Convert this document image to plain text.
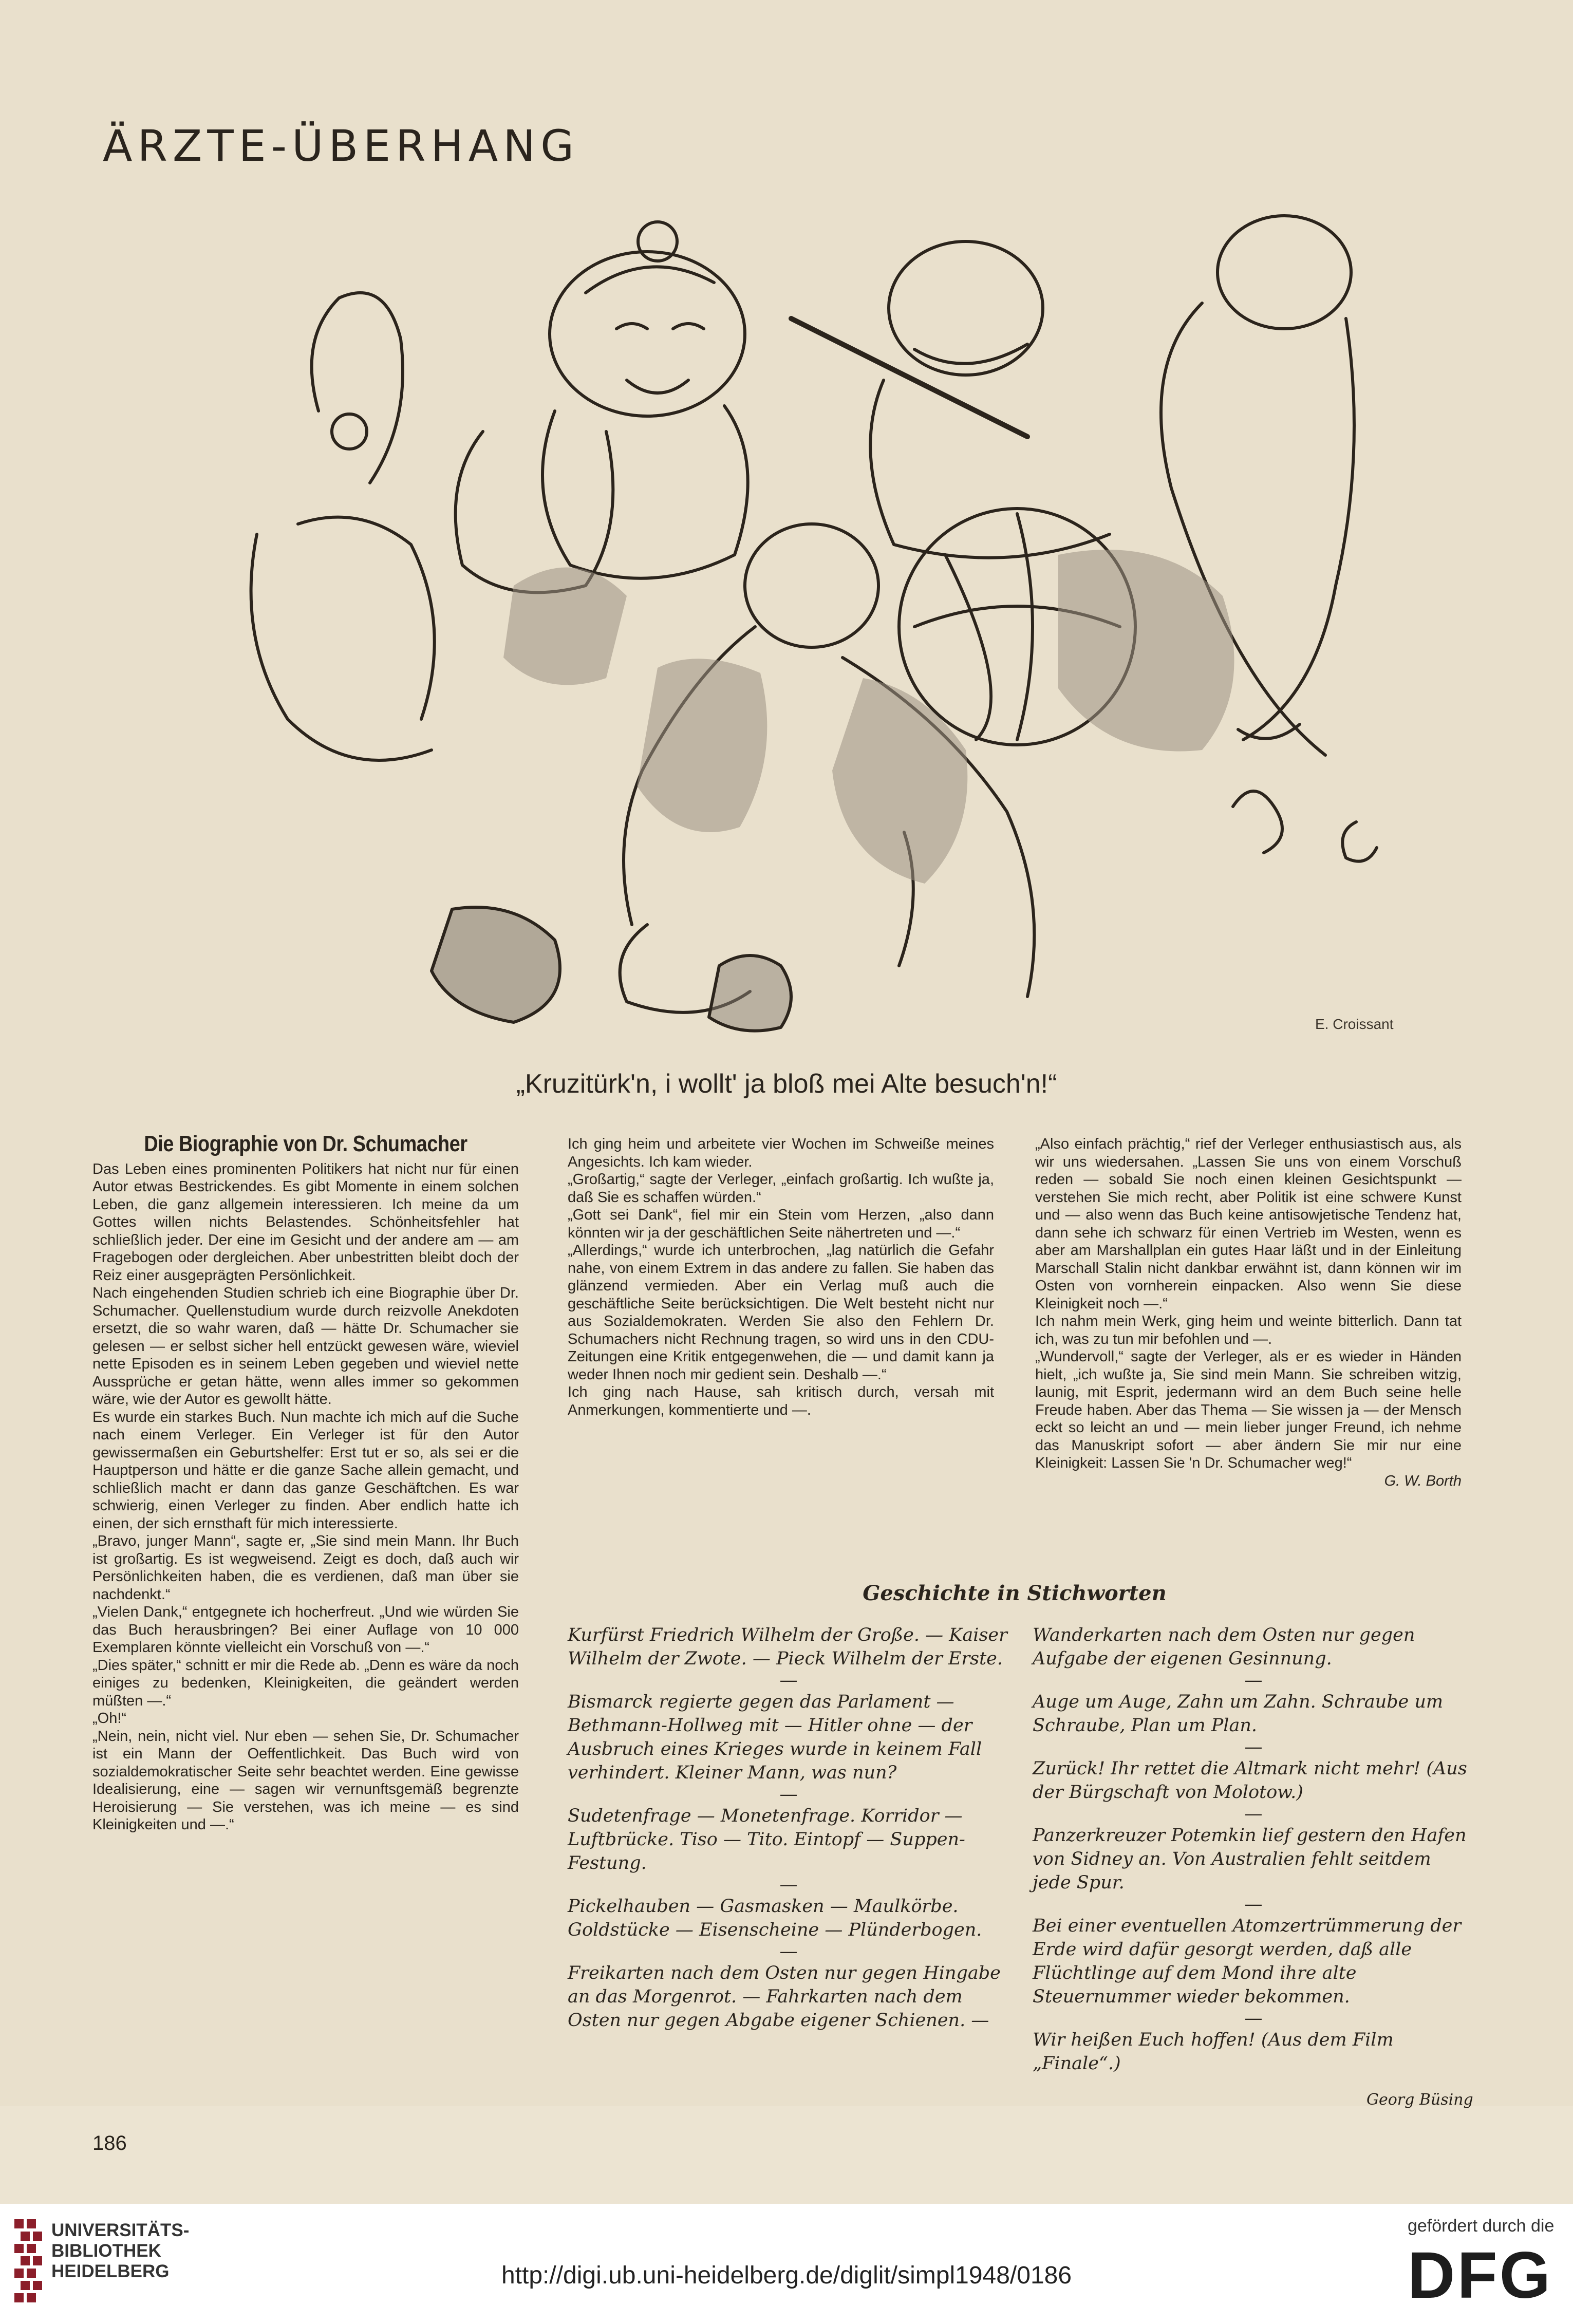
ÄRZTE-ÜBERHANG
E. Croissant
„Kruzitürk'n, i wollt' ja bloß mei Alte besuch'n!“
Die Biographie von Dr. Schumacher

Das Leben eines prominenten Politikers hat nicht nur für einen Autor etwas Bestrickendes. Es gibt Momente in einem solchen Leben, die ganz allgemein interessieren. Ich meine da um Gottes willen nichts Belastendes. Schönheitsfehler hat schließlich jeder. Der eine im Gesicht und der andere am — am Fragebogen oder dergleichen. Aber unbestritten bleibt doch der Reiz einer ausgeprägten Persönlichkeit.

Nach eingehenden Studien schrieb ich eine Biographie über Dr. Schumacher. Quellenstudium wurde durch reizvolle Anekdoten ersetzt, die so wahr waren, daß — hätte Dr. Schumacher sie gelesen — er selbst sicher hell entzückt gewesen wäre, wieviel nette Episoden es in seinem Leben gegeben und wieviel nette Aussprüche er getan hätte, wenn alles immer so gekommen wäre, wie der Autor es gewollt hätte.

Es wurde ein starkes Buch. Nun machte ich mich auf die Suche nach einem Verleger. Ein Verleger ist für den Autor gewissermaßen ein Geburtshelfer: Erst tut er so, als sei er die Hauptperson und hätte er die ganze Sache allein gemacht, und schließlich macht er dann das ganze Geschäftchen. Es war schwierig, einen Verleger zu finden. Aber endlich hatte ich einen, der sich ernsthaft für mich interessierte.

„Bravo, junger Mann“, sagte er, „Sie sind mein Mann. Ihr Buch ist großartig. Es ist wegweisend. Zeigt es doch, daß auch wir Persönlichkeiten haben, die es verdienen, daß man über sie nachdenkt.“

„Vielen Dank,“ entgegnete ich hocherfreut. „Und wie würden Sie das Buch herausbringen? Bei einer Auflage von 10 000 Exemplaren könnte vielleicht ein Vorschuß von —.“

„Dies später,“ schnitt er mir die Rede ab. „Denn es wäre da noch einiges zu bedenken, Kleinigkeiten, die geändert werden müßten —.“

„Oh!“

„Nein, nein, nicht viel. Nur eben — sehen Sie, Dr. Schumacher ist ein Mann der Oeffentlichkeit. Das Buch wird von sozialdemokratischer Seite sehr beachtet werden. Eine gewisse Idealisierung, eine — sagen wir vernunftsgemäß begrenzte Heroisierung — Sie verstehen, was ich meine — es sind Kleinigkeiten und —.“

Ich ging heim und arbeitete vier Wochen im Schweiße meines Angesichts. Ich kam wieder.

„Großartig,“ sagte der Verleger, „einfach großartig. Ich wußte ja, daß Sie es schaffen würden.“

„Gott sei Dank“, fiel mir ein Stein vom Herzen, „also dann könnten wir ja der geschäftlichen Seite nähertreten und —.“

„Allerdings,“ wurde ich unterbrochen, „lag natürlich die Gefahr nahe, von einem Extrem in das andere zu fallen. Sie haben das glänzend vermieden. Aber ein Verlag muß auch die geschäftliche Seite berücksichtigen. Die Welt besteht nicht nur aus Sozialdemokraten. Werden Sie also den Fehlern Dr. Schumachers nicht Rechnung tragen, so wird uns in den CDU-Zeitungen eine Kritik entgegenwehen, die — und damit kann ja weder Ihnen noch mir gedient sein. Deshalb —.“

Ich ging nach Hause, sah kritisch durch, versah mit Anmerkungen, kommentierte und —.

„Also einfach prächtig,“ rief der Verleger enthusiastisch aus, als wir uns wiedersahen. „Lassen Sie uns von einem Vorschuß reden — sobald Sie noch einen kleinen Gesichtspunkt — verstehen Sie mich recht, aber Politik ist eine schwere Kunst und — also wenn das Buch keine antisowjetische Tendenz hat, dann sehe ich schwarz für einen Vertrieb im Westen, wenn es aber am Marshallplan ein gutes Haar läßt und in der Einleitung Marschall Stalin nicht dankbar erwähnt ist, dann können wir im Osten von vornherein einpacken. Also wenn Sie diese Kleinigkeit noch —.“

Ich nahm mein Werk, ging heim und weinte bitterlich. Dann tat ich, was zu tun mir befohlen und —.

„Wundervoll,“ sagte der Verleger, als er es wieder in Händen hielt, „ich wußte ja, Sie sind mein Mann. Sie schreiben witzig, launig, mit Esprit, jedermann wird an dem Buch seine helle Freude haben. Aber das Thema — Sie wissen ja — der Mensch eckt so leicht an und — mein lieber junger Freund, ich nehme das Manuskript sofort — aber ändern Sie mir nur eine Kleinigkeit: Lassen Sie 'n Dr. Schumacher weg!“

G. W. Borth

Geschichte in Stichworten

Kurfürst Friedrich Wilhelm der Große. — Kaiser Wilhelm der Zwote. — Pieck Wilhelm der Erste.

—

Bismarck regierte gegen das Parlament — Bethmann-Hollweg mit — Hitler ohne — der Ausbruch eines Krieges wurde in keinem Fall verhindert. Kleiner Mann, was nun?

—

Sudetenfrage — Monetenfrage. Korridor — Luftbrücke. Tiso — Tito. Eintopf — Suppen-Festung.

—

Pickelhauben — Gasmasken — Maulkörbe. Goldstücke — Eisenscheine — Plünderbogen.

—

Freikarten nach dem Osten nur gegen Hingabe an das Morgenrot. — Fahrkarten nach dem Osten nur gegen Abgabe eigener Schienen. —

Wanderkarten nach dem Osten nur gegen Aufgabe der eigenen Gesinnung.

—

Auge um Auge, Zahn um Zahn. Schraube um Schraube, Plan um Plan.

—

Zurück! Ihr rettet die Altmark nicht mehr! (Aus der Bürgschaft von Molotow.)

—

Panzerkreuzer Potemkin lief gestern den Hafen von Sidney an. Von Australien fehlt seitdem jede Spur.

—

Bei einer eventuellen Atomzertrümmerung der Erde wird dafür gesorgt werden, daß alle Flüchtlinge auf dem Mond ihre alte Steuernummer wieder bekommen.

—

Wir heißen Euch hoffen! (Aus dem Film „Finale“.)

Georg Büsing
186
UNIVERSITÄTS-
BIBLIOTHEK
HEIDELBERG	http://digi.ub.uni-heidelberg.de/diglit/simpl1948/0186
gefördert durch die
DFG
